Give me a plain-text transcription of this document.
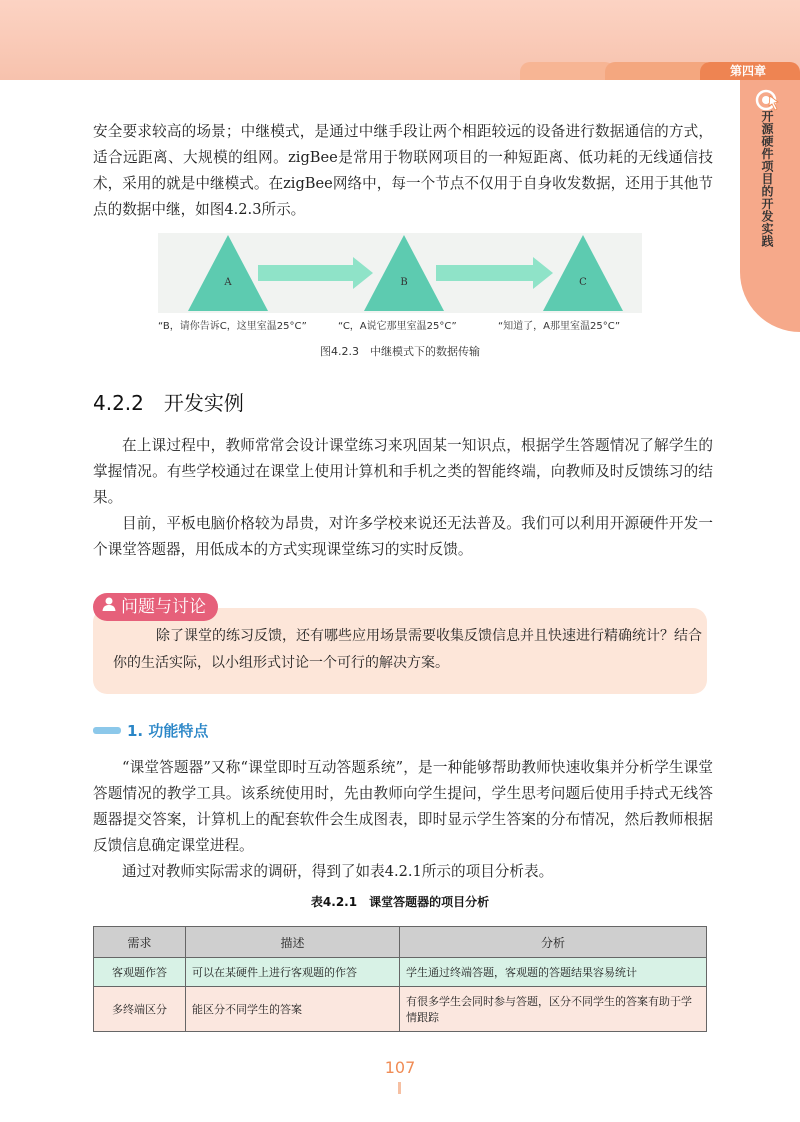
第四章
开源硬件项目的开发实践

安全要求较高的场景；中继模式，是通过中继手段让两个相距较远的设备进行数据通信的方式，适合远距离、大规模的组网。zigBee是常用于物联网项目的一种短距离、低功耗的无线通信技术，采用的就是中继模式。在zigBee网络中，每一个节点不仅用于自身收发数据，还用于其他节点的数据中继，如图4.2.3所示。

A	B	C
“B，请你告诉C，这里室温25°C”	“C，A说它那里室温25°C”	“知道了，A那里室温25°C”
图4.2.3　中继模式下的数据传输
4.2.2　开发实例

在上课过程中，教师常常会设计课堂练习来巩固某一知识点，根据学生答题情况了解学生的掌握情况。有些学校通过在课堂上使用计算机和手机之类的智能终端，向教师及时反馈练习的结果。

目前，平板电脑价格较为昂贵，对许多学校来说还无法普及。我们可以利用开源硬件开发一个课堂答题器，用低成本的方式实现课堂练习的实时反馈。

问题与讨论

除了课堂的练习反馈，还有哪些应用场景需要收集反馈信息并且快速进行精确统计？结合你的生活实际，以小组形式讨论一个可行的解决方案。

1. 功能特点

“课堂答题器”又称“课堂即时互动答题系统”，是一种能够帮助教师快速收集并分析学生课堂答题情况的教学工具。该系统使用时，先由教师向学生提问，学生思考问题后使用手持式无线答题器提交答案，计算机上的配套软件会生成图表，即时显示学生答案的分布情况，然后教师根据反馈信息确定课堂进程。

通过对教师实际需求的调研，得到了如表4.2.1所示的项目分析表。

表4.2.1　课堂答题器的项目分析
需求	描述	分析
客观题作答	可以在某硬件上进行客观题的作答	学生通过终端答题，客观题的答题结果容易统计
多终端区分	能区分不同学生的答案	有很多学生会同时参与答题，区分不同学生的答案有助于学情跟踪
107
